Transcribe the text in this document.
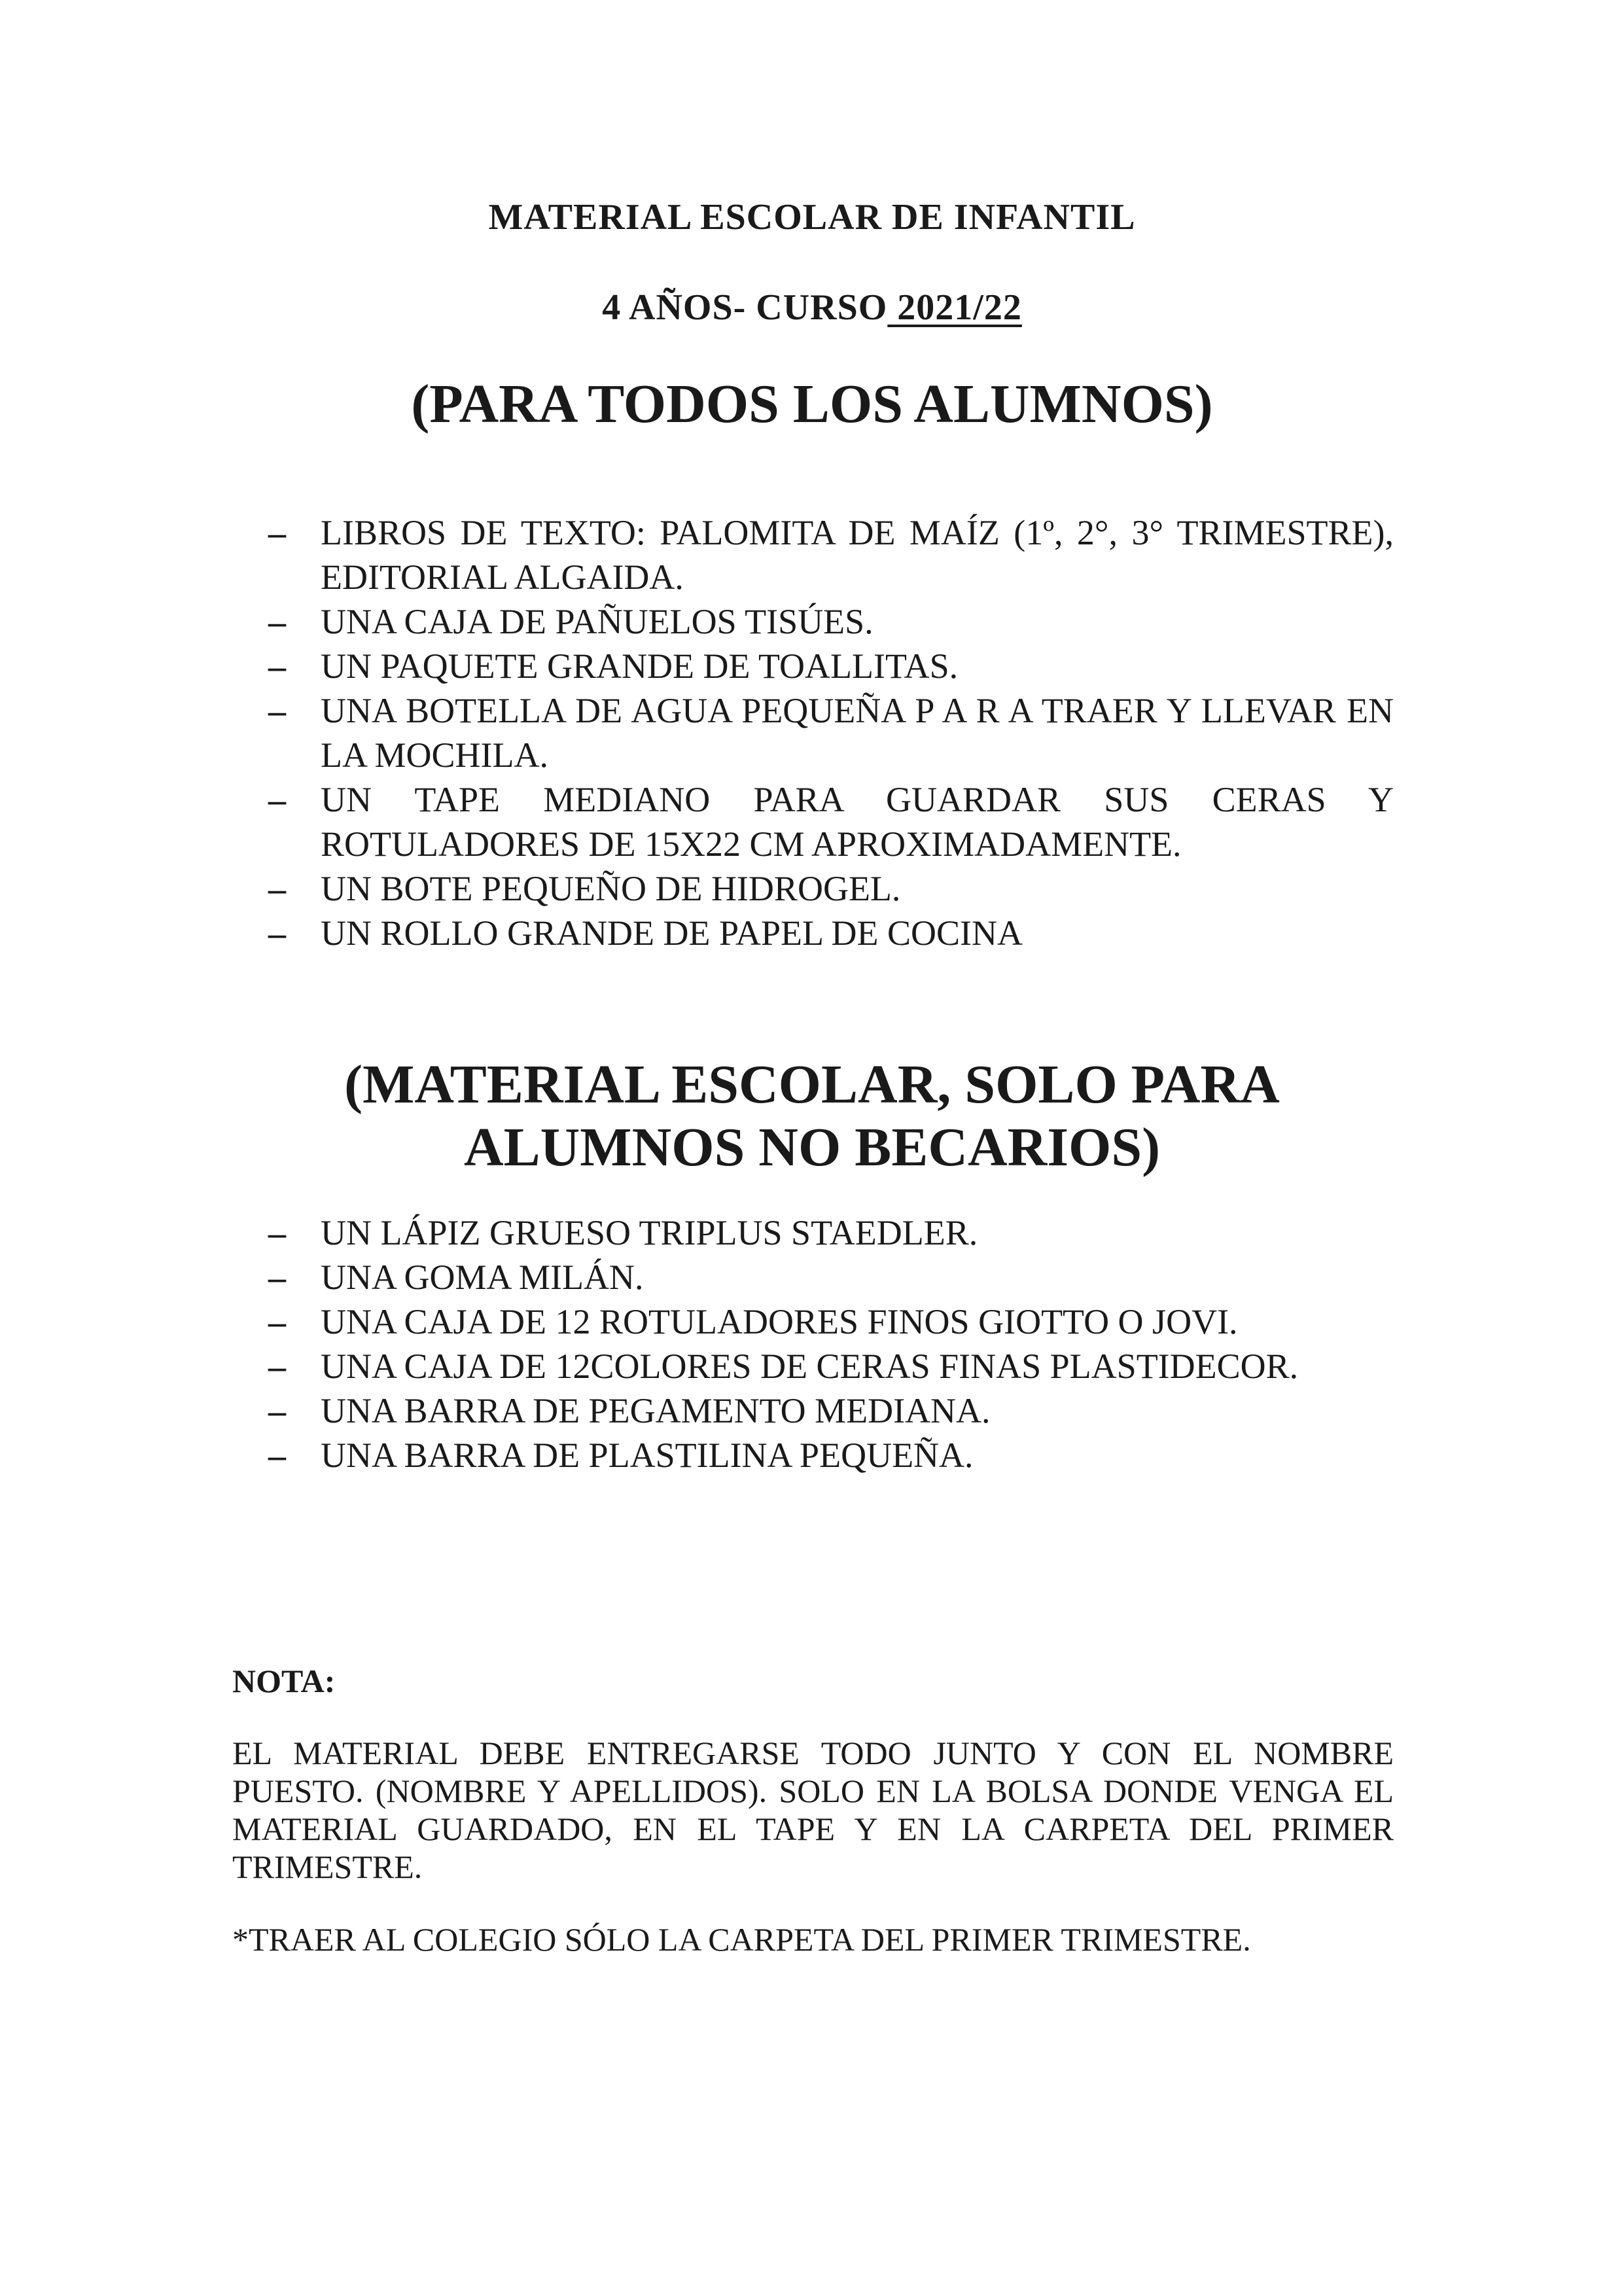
MATERIAL ESCOLAR DE INFANTIL
4 AÑOS- CURSO 2021/22
(PARA TODOS LOS ALUMNOS)
– LIBROS DE TEXTO: PALOMITA DE MAÍZ (1º, 2°, 3° TRIMESTRE), EDITORIAL ALGAIDA.
– UNA CAJA DE PAÑUELOS TISÚES.
– UN PAQUETE GRANDE DE TOALLITAS.
– UNA BOTELLA DE AGUA PEQUEÑA P A R A TRAER Y LLEVAR EN LA MOCHILA.
– UN TAPE MEDIANO PARA GUARDAR SUS CERAS Y ROTULADORES DE 15X22 CM APROXIMADAMENTE.
– UN BOTE PEQUEÑO DE HIDROGEL.
– UN ROLLO GRANDE DE PAPEL DE COCINA
(MATERIAL ESCOLAR, SOLO PARA
ALUMNOS NO BECARIOS)
– UN LÁPIZ GRUESO TRIPLUS STAEDLER.
– UNA GOMA MILÁN.
– UNA CAJA DE 12 ROTULADORES FINOS GIOTTO O JOVI.
– UNA CAJA DE 12COLORES DE CERAS FINAS PLASTIDECOR.
– UNA BARRA DE PEGAMENTO MEDIANA.
– UNA BARRA DE PLASTILINA PEQUEÑA.
NOTA:
EL MATERIAL DEBE ENTREGARSE TODO JUNTO Y CON EL NOMBRE PUESTO. (NOMBRE Y APELLIDOS). SOLO EN LA BOLSA DONDE VENGA EL MATERIAL GUARDADO, EN EL TAPE Y EN LA CARPETA DEL PRIMER TRIMESTRE.
*TRAER AL COLEGIO SÓLO LA CARPETA DEL PRIMER TRIMESTRE.
